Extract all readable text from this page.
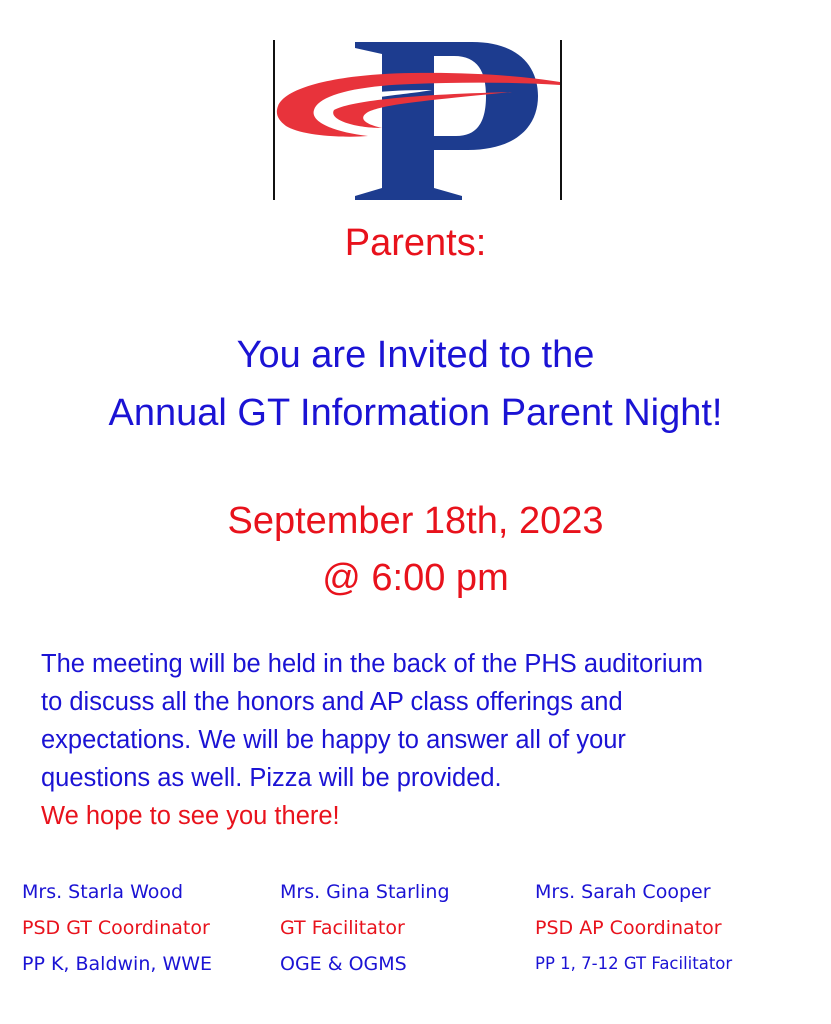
Parents:
You are Invited to the
Annual GT Information Parent Night!
September 18th, 2023
@ 6:00 pm
The meeting will be held in the back of the PHS auditorium
to discuss all the honors and AP class offerings and
expectations. We will be happy to answer all of your
questions as well. Pizza will be provided.
We hope to see you there!
Mrs. Starla Wood
PSD GT Coordinator
PP K, Baldwin, WWE
Mrs. Gina Starling
GT Facilitator
OGE & OGMS
Mrs. Sarah Cooper
PSD AP Coordinator
PP 1, 7-12 GT Facilitator
